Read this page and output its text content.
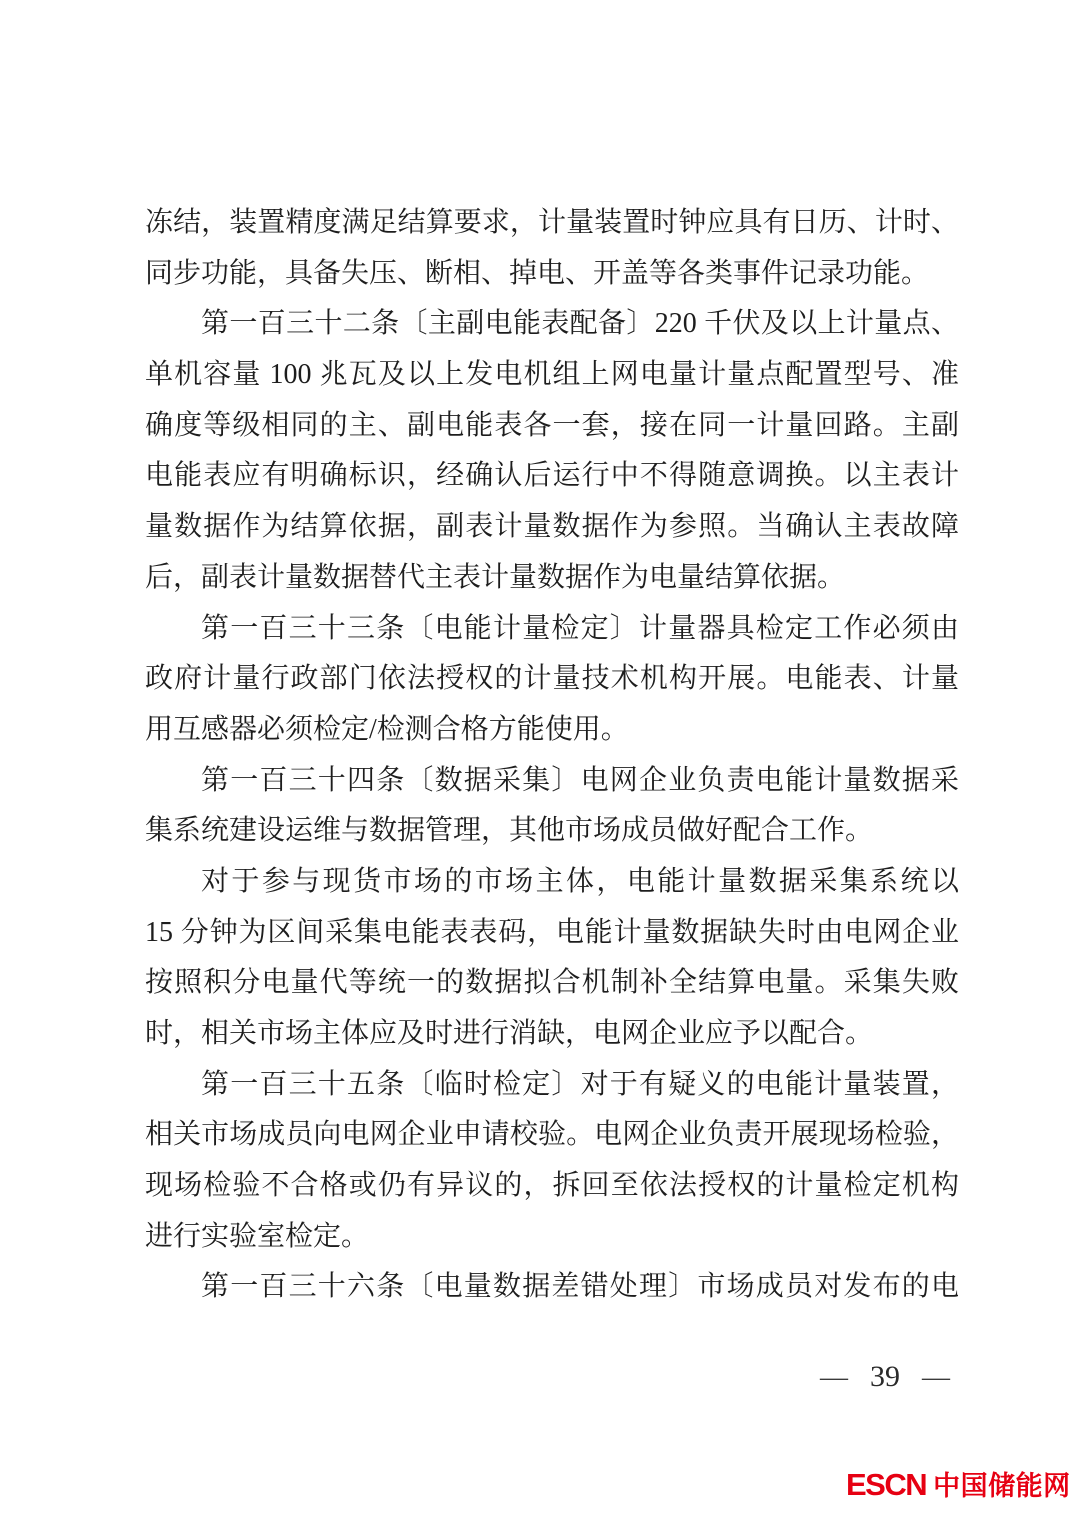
冻结，装置精度满足结算要求，计量装置时钟应具有日历、计时、
同步功能，具备失压、断相、掉电、开盖等各类事件记录功能。
第一百三十二条〔主副电能表配备〕220 千伏及以上计量点、
单机容量 100 兆瓦及以上发电机组上网电量计量点配置型号、准
确度等级相同的主、副电能表各一套，接在同一计量回路。主副
电能表应有明确标识，经确认后运行中不得随意调换。以主表计
量数据作为结算依据，副表计量数据作为参照。当确认主表故障
后，副表计量数据替代主表计量数据作为电量结算依据。
第一百三十三条〔电能计量检定〕计量器具检定工作必须由
政府计量行政部门依法授权的计量技术机构开展。电能表、计量
用互感器必须检定/检测合格方能使用。
第一百三十四条〔数据采集〕电网企业负责电能计量数据采
集系统建设运维与数据管理，其他市场成员做好配合工作。
对于参与现货市场的市场主体，电能计量数据采集系统以
15 分钟为区间采集电能表表码，电能计量数据缺失时由电网企业
按照积分电量代等统一的数据拟合机制补全结算电量。采集失败
时，相关市场主体应及时进行消缺，电网企业应予以配合。
第一百三十五条〔临时检定〕对于有疑义的电能计量装置，
相关市场成员向电网企业申请校验。电网企业负责开展现场检验，
现场检验不合格或仍有异议的，拆回至依法授权的计量检定机构
进行实验室检定。
第一百三十六条〔电量数据差错处理〕市场成员对发布的电
— 39 —
ESCN 中国储能网
